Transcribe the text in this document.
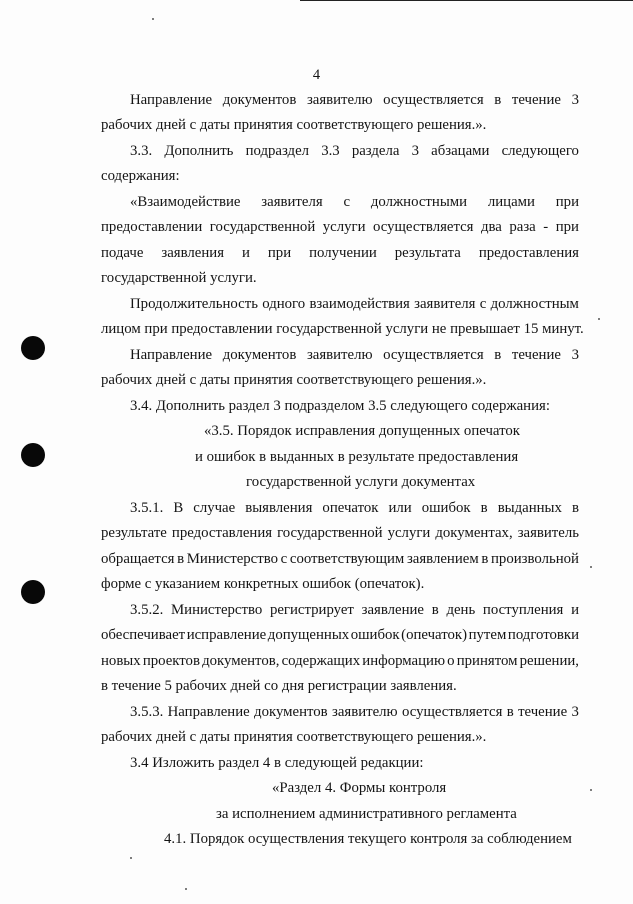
4
Направление документов заявителю осуществляется в течение 3
рабочих дней с даты принятия соответствующего решения.».
3.3. Дополнить подраздел 3.3 раздела 3 абзацами следующего
содержания:
«Взаимодействие заявителя с должностными лицами при
предоставлении государственной услуги осуществляется два раза - при
подаче заявления и при получении результата предоставления
государственной услуги.
Продолжительность одного взаимодействия заявителя с должностным
лицом при предоставлении государственной услуги не превышает 15 минут.
Направление документов заявителю осуществляется в течение 3
рабочих дней с даты принятия соответствующего решения.».
3.4. Дополнить раздел 3 подразделом 3.5 следующего содержания:
«3.5. Порядок исправления допущенных опечаток
и ошибок в выданных в результате предоставления
государственной услуги документах
3.5.1. В случае выявления опечаток или ошибок в выданных в
результате предоставления государственной услуги документах, заявитель
обращается в Министерство с соответствующим заявлением в произвольной
форме с указанием конкретных ошибок (опечаток).
3.5.2. Министерство регистрирует заявление в день поступления и
обеспечивает исправление допущенных ошибок (опечаток) путем подготовки
новых проектов документов, содержащих информацию о принятом решении,
в течение 5 рабочих дней со дня регистрации заявления.
3.5.3. Направление документов заявителю осуществляется в течение 3
рабочих дней с даты принятия соответствующего решения.».
3.4 Изложить раздел 4 в следующей редакции:
«Раздел 4. Формы контроля
за исполнением административного регламента
4.1. Порядок осуществления текущего контроля за соблюдением
